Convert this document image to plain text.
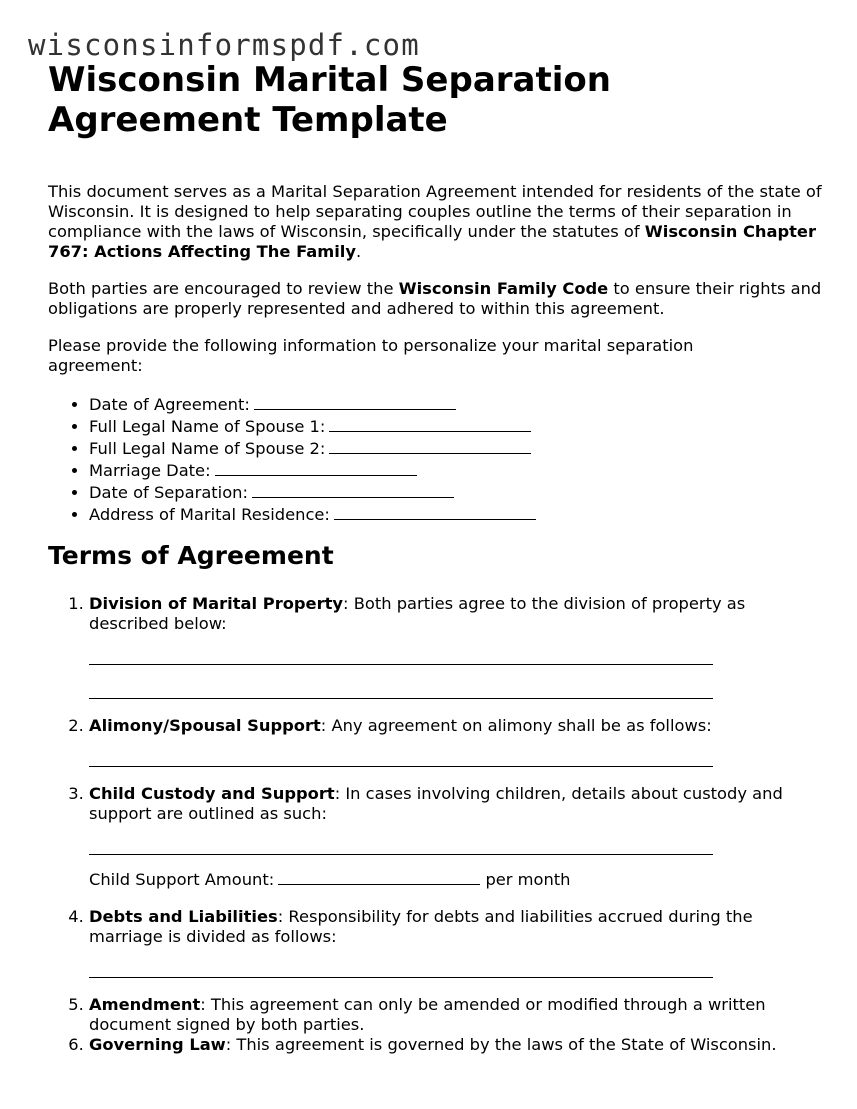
wisconsinformspdf.com
Wisconsin Marital Separation Agreement Template

This document serves as a Marital Separation Agreement intended for residents of the state of Wisconsin. It is designed to help separating couples outline the terms of their separation in compliance with the laws of Wisconsin, specifically under the statutes of Wisconsin Chapter 767: Actions Affecting The Family.

Both parties are encouraged to review the Wisconsin Family Code to ensure their rights and obligations are properly represented and adhered to within this agreement.

Please provide the following information to personalize your marital separation agreement:

• Date of Agreement:
• Full Legal Name of Spouse 1:
• Full Legal Name of Spouse 2:
• Marriage Date:
• Date of Separation:
• Address of Marital Residence:
Terms of Agreement
1. Division of Marital Property: Both parties agree to the division of property as described below:
2. Alimony/Spousal Support: Any agreement on alimony shall be as follows:
3. Child Custody and Support: In cases involving children, details about custody and support are outlined as such:
Child Support Amount:	per month
4. Debts and Liabilities: Responsibility for debts and liabilities accrued during the marriage is divided as follows:
5. Amendment: This agreement can only be amended or modified through a written document signed by both parties.
6. Governing Law: This agreement is governed by the laws of the State of Wisconsin.
